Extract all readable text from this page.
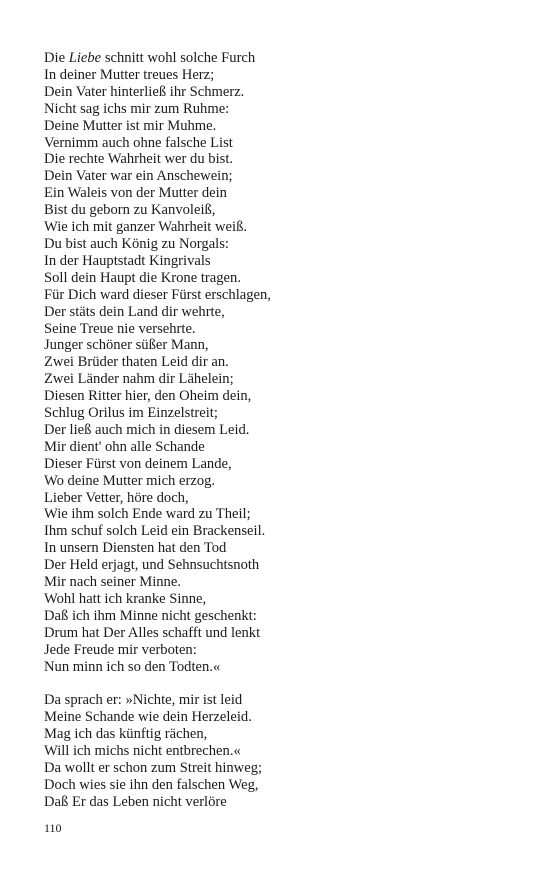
Die Liebe schnitt wohl solche Furch
In deiner Mutter treues Herz;
Dein Vater hinterließ ihr Schmerz.
Nicht sag ichs mir zum Ruhme:
Deine Mutter ist mir Muhme.
Vernimm auch ohne falsche List
Die rechte Wahrheit wer du bist.
Dein Vater war ein Anschewein;
Ein Waleis von der Mutter dein
Bist du geborn zu Kanvoleiß,
Wie ich mit ganzer Wahrheit weiß.
Du bist auch König zu Norgals:
In der Hauptstadt Kingrivals
Soll dein Haupt die Krone tragen.
Für Dich ward dieser Fürst erschlagen,
Der stäts dein Land dir wehrte,
Seine Treue nie versehrte.
Junger schöner süßer Mann,
Zwei Brüder thaten Leid dir an.
Zwei Länder nahm dir Lähelein;
Diesen Ritter hier, den Oheim dein,
Schlug Orilus im Einzelstreit;
Der ließ auch mich in diesem Leid.
Mir dient' ohn alle Schande
Dieser Fürst von deinem Lande,
Wo deine Mutter mich erzog.
Lieber Vetter, höre doch,
Wie ihm solch Ende ward zu Theil;
Ihm schuf solch Leid ein Brackenseil.
In unsern Diensten hat den Tod
Der Held erjagt, und Sehnsuchtsnoth
Mir nach seiner Minne.
Wohl hatt ich kranke Sinne,
Daß ich ihm Minne nicht geschenkt:
Drum hat Der Alles schafft und lenkt
Jede Freude mir verboten:
Nun minn ich so den Todten.«
Da sprach er: »Nichte, mir ist leid
Meine Schande wie dein Herzeleid.
Mag ich das künftig rächen,
Will ich michs nicht entbrechen.«
Da wollt er schon zum Streit hinweg;
Doch wies sie ihn den falschen Weg,
Daß Er das Leben nicht verlöre
110
